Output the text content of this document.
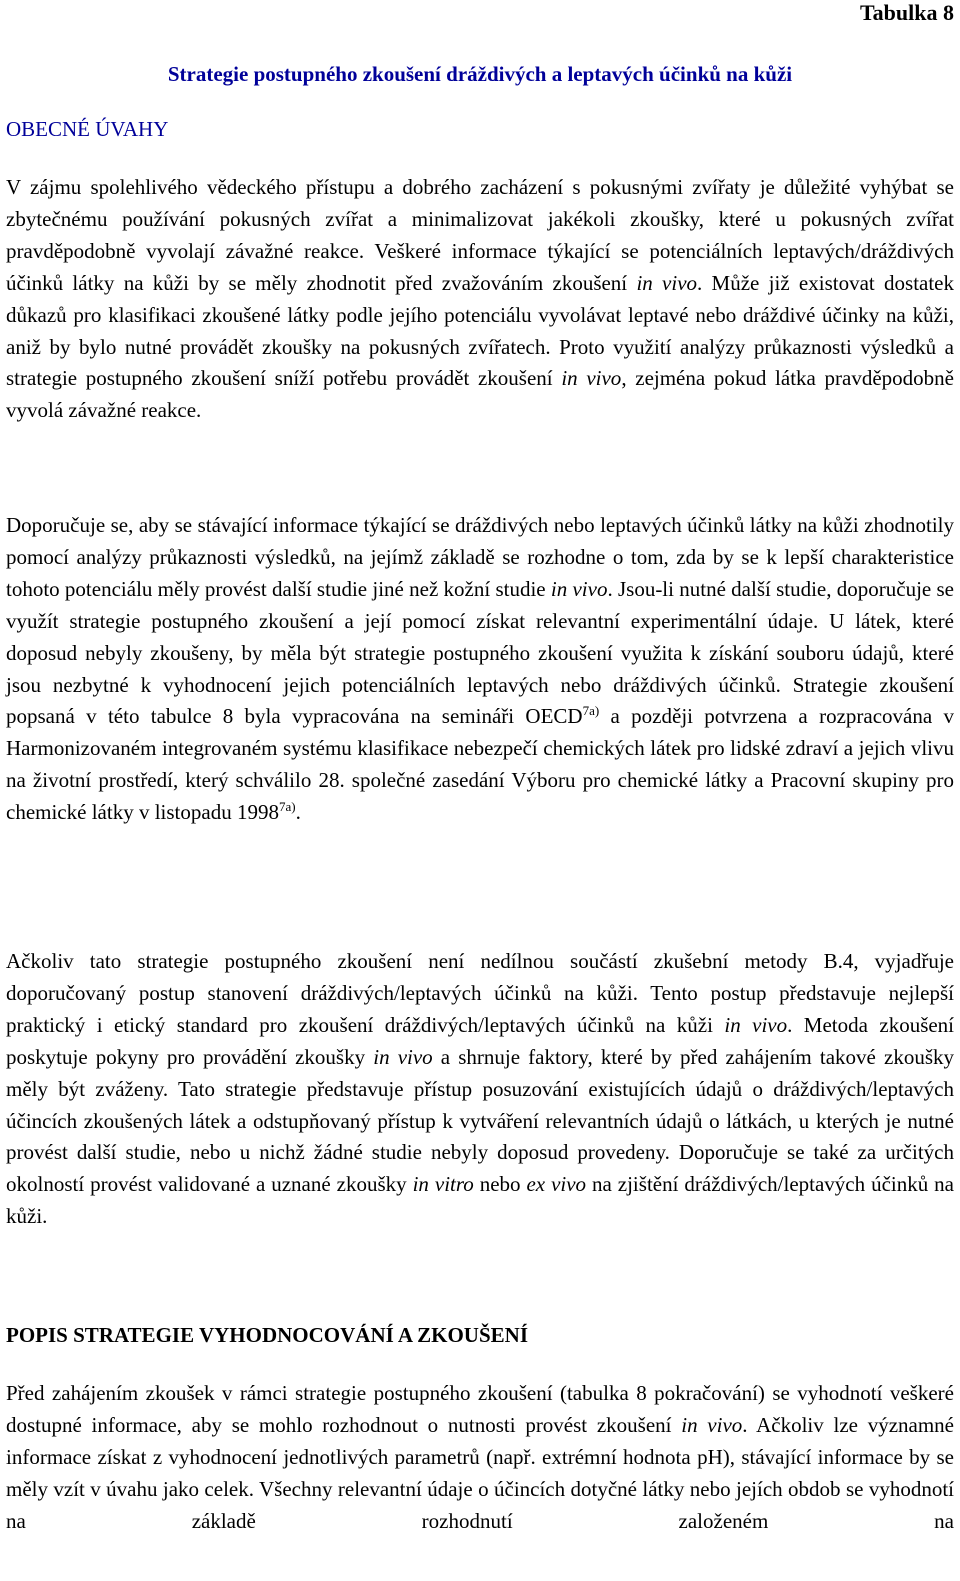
Tabulka 8
Strategie postupného zkoušení dráždivých a leptavých účinků na kůži
OBECNÉ ÚVAHY

V zájmu spolehlivého vědeckého přístupu a dobrého zacházení s pokusnými zvířaty je důležité vyhýbat se zbytečnému používání pokusných zvířat a minimalizovat jakékoli zkoušky, které u pokusných zvířat pravděpodobně vyvolají závažné reakce. Veškeré informace týkající se potenciálních leptavých/dráždivých účinků látky na kůži by se měly zhodnotit před zvažováním zkoušení in vivo. Může již existovat dostatek důkazů pro klasifikaci zkoušené látky podle jejího potenciálu vyvolávat leptavé nebo dráždivé účinky na kůži, aniž by bylo nutné provádět zkoušky na pokusných zvířatech. Proto využití analýzy průkaznosti výsledků a strategie postupného zkoušení sníží potřebu provádět zkoušení in vivo, zejména pokud látka pravděpodobně vyvolá závažné reakce.

Doporučuje se, aby se stávající informace týkající se dráždivých nebo leptavých účinků látky na kůži zhodnotily pomocí analýzy průkaznosti výsledků, na jejímž základě se rozhodne o tom, zda by se k lepší charakteristice tohoto potenciálu měly provést další studie jiné než kožní studie in vivo. Jsou-li nutné další studie, doporučuje se využít strategie postupného zkoušení a její pomocí získat relevantní experimentální údaje. U látek, které doposud nebyly zkoušeny, by měla být strategie postupného zkoušení využita k získání souboru údajů, které jsou nezbytné k vyhodnocení jejich potenciálních leptavých nebo dráždivých účinků. Strategie zkoušení popsaná v této tabulce 8 byla vypracována na semináři OECD$^{7a)}$ a později potvrzena a rozpracována v Harmonizovaném integrovaném systému klasifikace nebezpečí chemických látek pro lidské zdraví a jejich vlivu na životní prostředí, který schválilo 28. společné zasedání Výboru pro chemické látky a Pracovní skupiny pro chemické látky v listopadu 1998$^{7a)}$.

Ačkoliv tato strategie postupného zkoušení není nedílnou součástí zkušební metody B.4, vyjadřuje doporučovaný postup stanovení dráždivých/leptavých účinků na kůži. Tento postup představuje nejlepší praktický i etický standard pro zkoušení dráždivých/leptavých účinků na kůži in vivo. Metoda zkoušení poskytuje pokyny pro provádění zkoušky in vivo a shrnuje faktory, které by před zahájením takové zkoušky měly být zváženy. Tato strategie představuje přístup posuzování existujících údajů o dráždivých/leptavých účincích zkoušených látek a odstupňovaný přístup k vytváření relevantních údajů o látkách, u kterých je nutné provést další studie, nebo u nichž žádné studie nebyly doposud provedeny. Doporučuje se také za určitých okolností provést validované a uznané zkoušky in vitro nebo ex vivo na zjištění dráždivých/leptavých účinků na kůži.

POPIS STRATEGIE VYHODNOCOVÁNÍ A ZKOUŠENÍ

Před zahájením zkoušek v rámci strategie postupného zkoušení (tabulka 8 pokračování) se vyhodnotí veškeré dostupné informace, aby se mohlo rozhodnout o nutnosti provést zkoušení in vivo. Ačkoliv lze významné informace získat z vyhodnocení jednotlivých parametrů (např. extrémní hodnota pH), stávající informace by se měly vzít v úvahu jako celek. Všechny relevantní údaje o účincích dotyčné látky nebo jejích obdob se vyhodnotí na základě rozhodnutí založeném na
